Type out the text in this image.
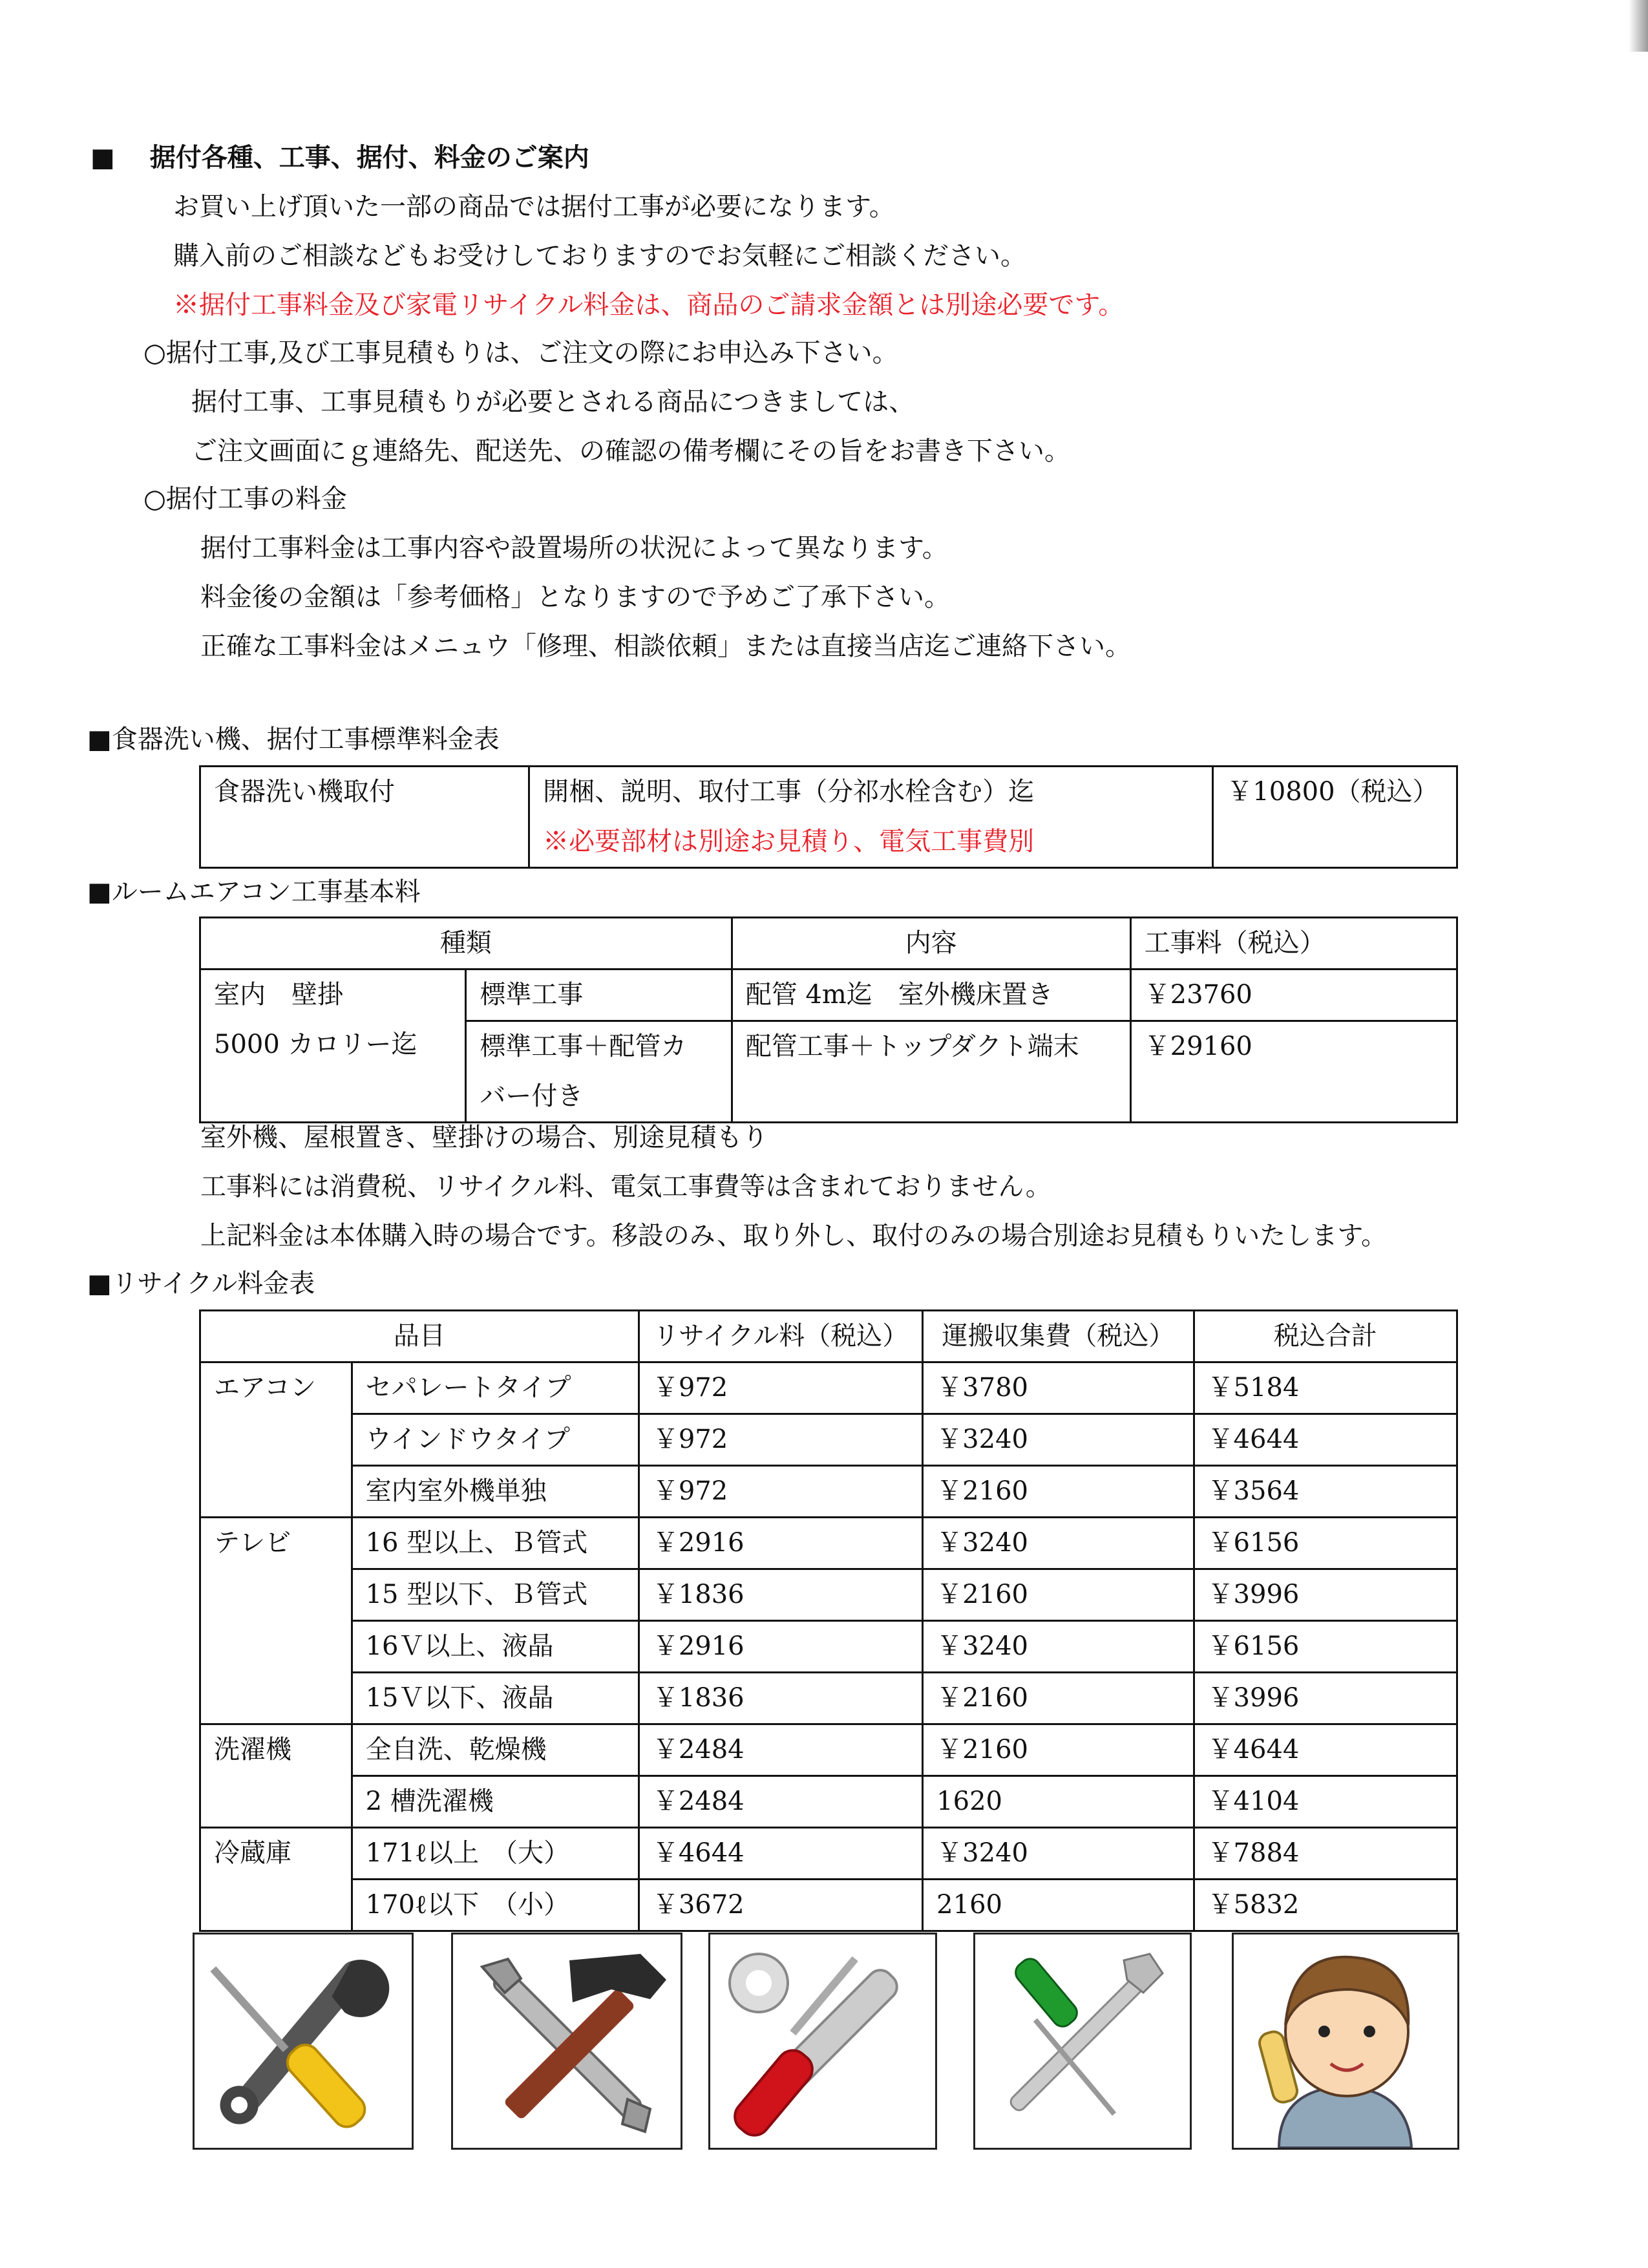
■ 据付各種、工事、据付、料金のご案内
お買い上げ頂いた一部の商品では据付工事が必要になります。
購入前のご相談などもお受けしておりますのでお気軽にご相談ください。
※据付工事料金及び家電リサイクル料金は、商品のご請求金額とは別途必要です。
○据付工事,及び工事見積もりは、ご注文の際にお申込み下さい。
据付工事、工事見積もりが必要とされる商品につきましては、
ご注文画面にｇ連絡先、配送先、の確認の備考欄にその旨をお書き下さい。
○据付工事の料金
据付工事料金は工事内容や設置場所の状況によって異なります。
料金後の金額は「参考価格」となりますので予めご了承下さい。
正確な工事料金はメニュウ「修理、相談依頼」または直接当店迄ご連絡下さい。
■食器洗い機、据付工事標準料金表
食器洗い機取付	開梱、説明、取付工事（分祁水栓含む）迄
※必要部材は別途お見積り、電気工事費別
	￥10800（税込）
■ルームエアコン工事基本料
種類		内容	工事料（税込）

室内　壁掛
5000 カロリー迄	標準工事	配管 4m迄　室外機床置き	￥23760

	標準工事＋配管カ
バー付き	配管工事＋トップダクト端末	￥29160
室外機、屋根置き、壁掛けの場合、別途見積もり
工事料には消費税、リサイクル料、電気工事費等は含まれておりません。
上記料金は本体購入時の場合です。移設のみ、取り外し、取付のみの場合別途お見積もりいたします。
■リサイクル料金表
品目		リサイクル料（税込）	運搬収集費（税込）	税込合計
エアコン	セパレートタイプ	￥972	￥3780	￥5184
	ウインドウタイプ	￥972	￥3240	￥4644
	室内室外機単独	￥972	￥2160	￥3564
テレビ	16 型以上、Ｂ管式	￥2916	￥3240	￥6156
	15 型以下、Ｂ管式	￥1836	￥2160	￥3996
	16Ｖ以上、液晶	￥2916	￥3240	￥6156
	15Ｖ以下、液晶	￥1836	￥2160	￥3996
洗濯機	全自洗、乾燥機	￥2484	￥2160	￥4644
	2 槽洗濯機	￥2484	1620	￥4104
冷蔵庫	171ℓ以上　（大）	￥4644	￥3240	￥7884
	170ℓ以下　（小）	￥3672	2160	￥5832
